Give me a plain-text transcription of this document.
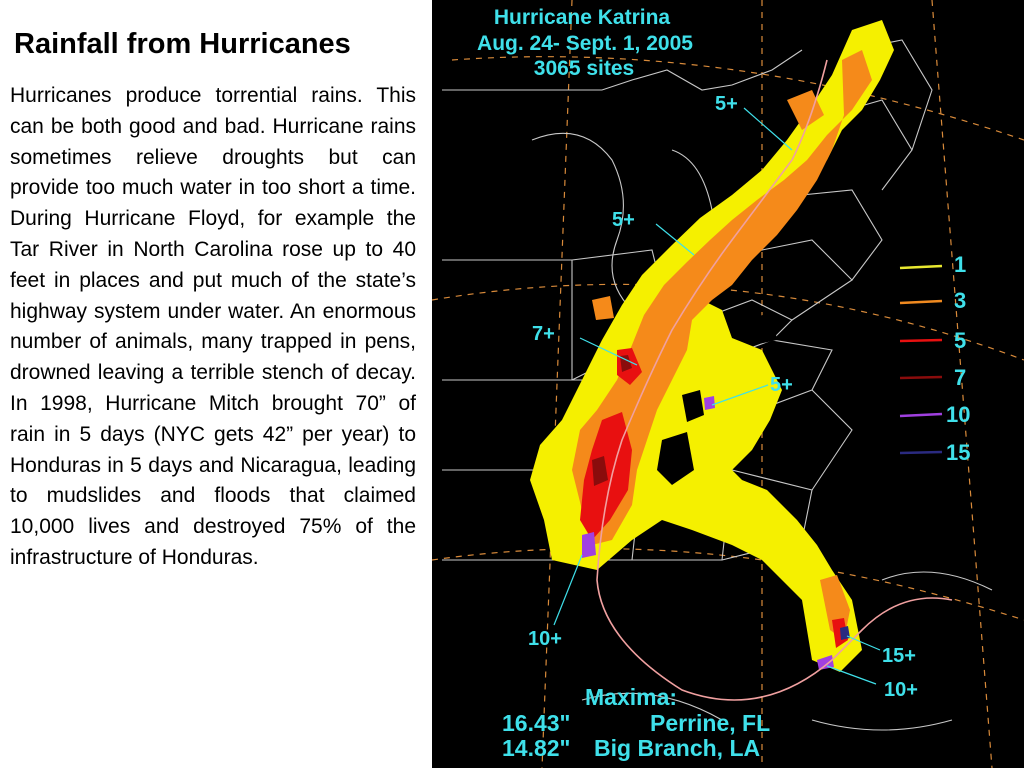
Rainfall from Hurricanes

Hurricanes produce torrential rains. This can be both good and bad. Hurricane rains sometimes relieve droughts but can provide too much water in too short a time. During Hurricane Floyd, for example the Tar River in North Carolina rose up to 40 feet in places and put much of the state’s highway system under water. An enormous number of animals, many trapped in pens, drowned leaving a terrible stench of decay. In 1998, Hurricane Mitch brought 70” of rain in 5 days (NYC gets 42” per year) to Honduras in 5 days and Nicaragua, leading to mudslides and floods that claimed 10,000 lives and destroyed 75% of the infrastructure of Honduras.

Hurricane Katrina
Aug. 24- Sept. 1, 2005
3065 sites
5+
5+
7+
5+
10+
15+
10+
1
3
5
7
10
15
Maxima:
16.43"	Perrine, FL
14.82" Big Branch, LA
